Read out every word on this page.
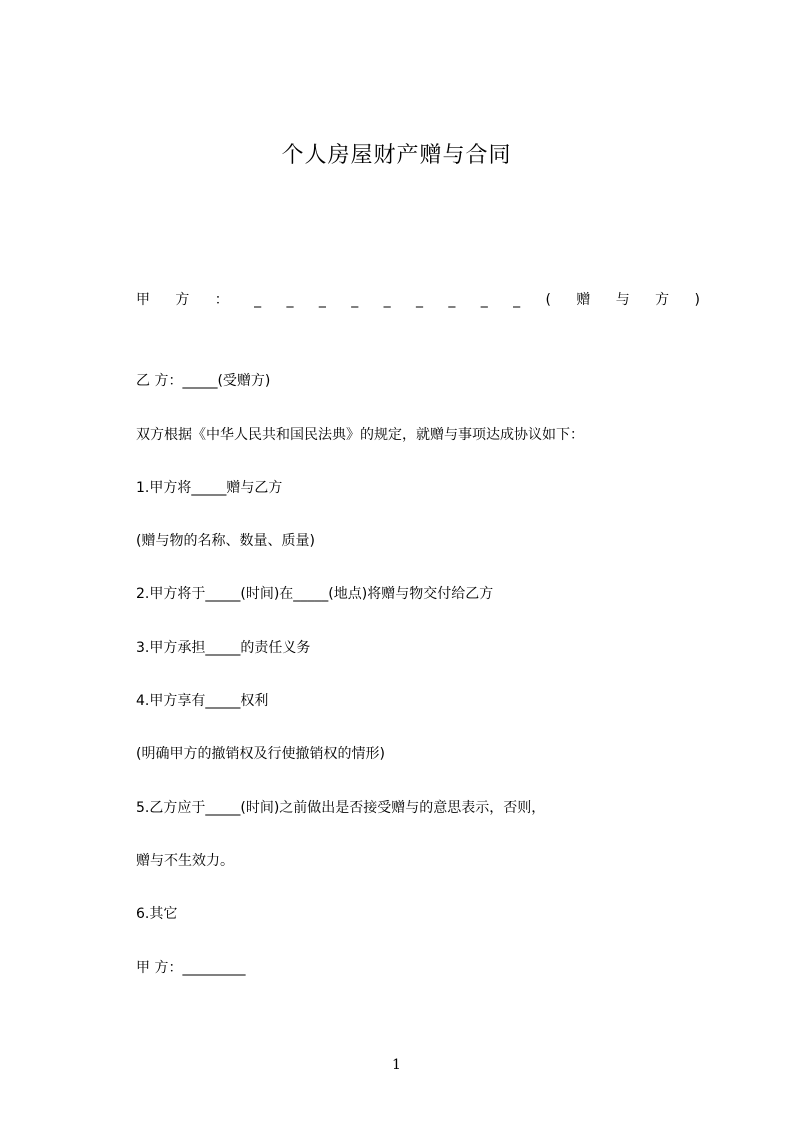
个人房屋财产赠与合同
甲 方 ： _ _ _ _ _ _ _ _ _ ( 赠 与 方 )
乙 方：_____(受赠方)
双方根据《中华人民共和国民法典》的规定，就赠与事项达成协议如下：
1.甲方将_____赠与乙方
(赠与物的名称、数量、质量)
2.甲方将于_____(时间)在_____(地点)将赠与物交付给乙方
3.甲方承担_____的责任义务
4.甲方享有_____权利
(明确甲方的撤销权及行使撤销权的情形)
5.乙方应于_____(时间)之前做出是否接受赠与的意思表示，否则，
赠与不生效力。
6.其它
甲 方：_________
1
